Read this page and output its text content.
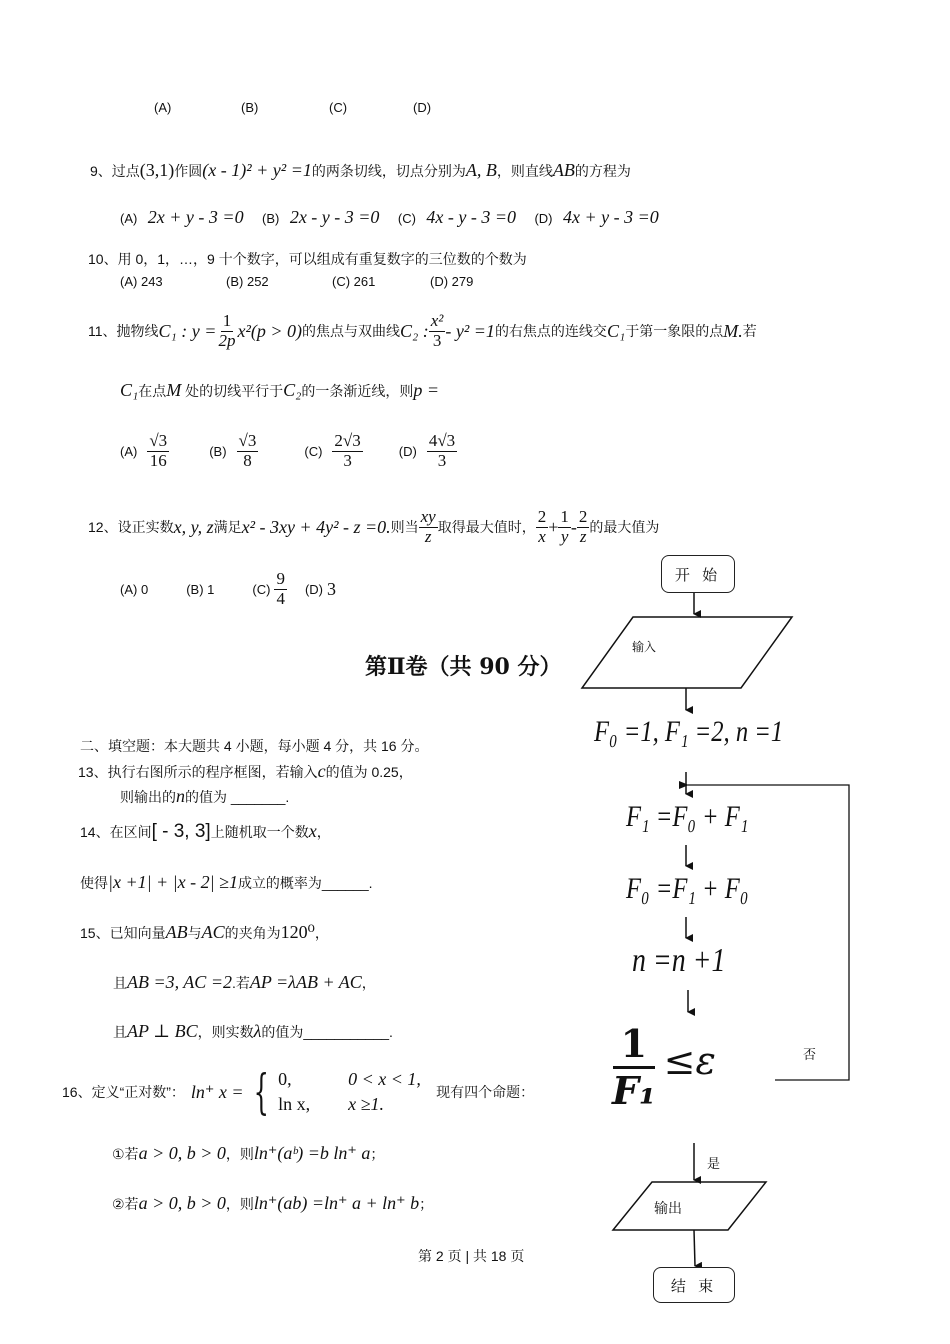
(A)	(B)	(C)	(D)
9、过点(3,1)作圆(x - 1)² + y² =1的两条切线，切点分别为A, B，则直线AB的方程为
(A) 2x + y - 3 =0 (B) 2x - y - 3 =0 (C) 4x - y - 3 =0 (D) 4x + y - 3 =0
10、用 0，1，…，9 十个数字，可以组成有重复数字的三位数的个数为
(A) 243	(B) 252	(C) 261	(D) 279
11、 抛物线 C₁ : $y = \frac{1}{2p} x^2(p > 0)$ 的焦点与双曲线 C₂ : $\frac{\text{x²}}{3} - y^2 =1$ 的右焦点的连线交 C₁ 于第一象限的点 M. 若
C₁在点M 处的切线平行于C₂的一条渐近线，则p =
$(A) \frac{√3}{16}$	$(B) \frac{√3}{8}$	$(C) \frac{2√3}{3}$	$(D) \frac{4√3}{3}$
12、 设正实数 x, y, z 满足 x² - 3xy + 4y² - z =0. 则当 $\frac{xy}{z}$ 取得最大值时， $\frac{2}{x} + \frac{1}{y} - \frac{2}{z}$ 的最大值为
(A) 0	(B) 1	$(C) \frac{9}{4} (D)$ 3
第Ⅱ卷（共 90 分）
二、填空题：本大题共 4 小题，每小题 4 分，共 16 分。
13、执行右图所示的程序框图，若输入c的值为 0.25，
则输出的n的值为 _______.
14、在区间[ - 3, 3]上随机取一个数x，
使得|x +1| + |x - 2| ≥1成立的概率为______.
15、已知向量AB与AC的夹角为120⁰，
且AB =3, AC =2.若AP =λAB + AC，
且AP ⊥ BC，则实数λ的值为___________.
16、定义“正对数”： ln⁺ x = { 0,	0 < x < 1,
ln x,	x ≥1.
现有四个命题：
①若a > 0, b > 0，则ln⁺(aᵇ) =b ln⁺ a；
②若a > 0, b > 0，则ln⁺(ab) =ln⁺ a + ln⁺ b；
第 2 页 | 共 18 页
开 始
输入
F₀ =1, F₁ =2, n =1
F₁ =F₀ + F₁
F₀ =F₁ + F₀
n =n +1
$\frac{1}{\text{F₁}} \le\varepsilon$	否
是
输出
结 束
